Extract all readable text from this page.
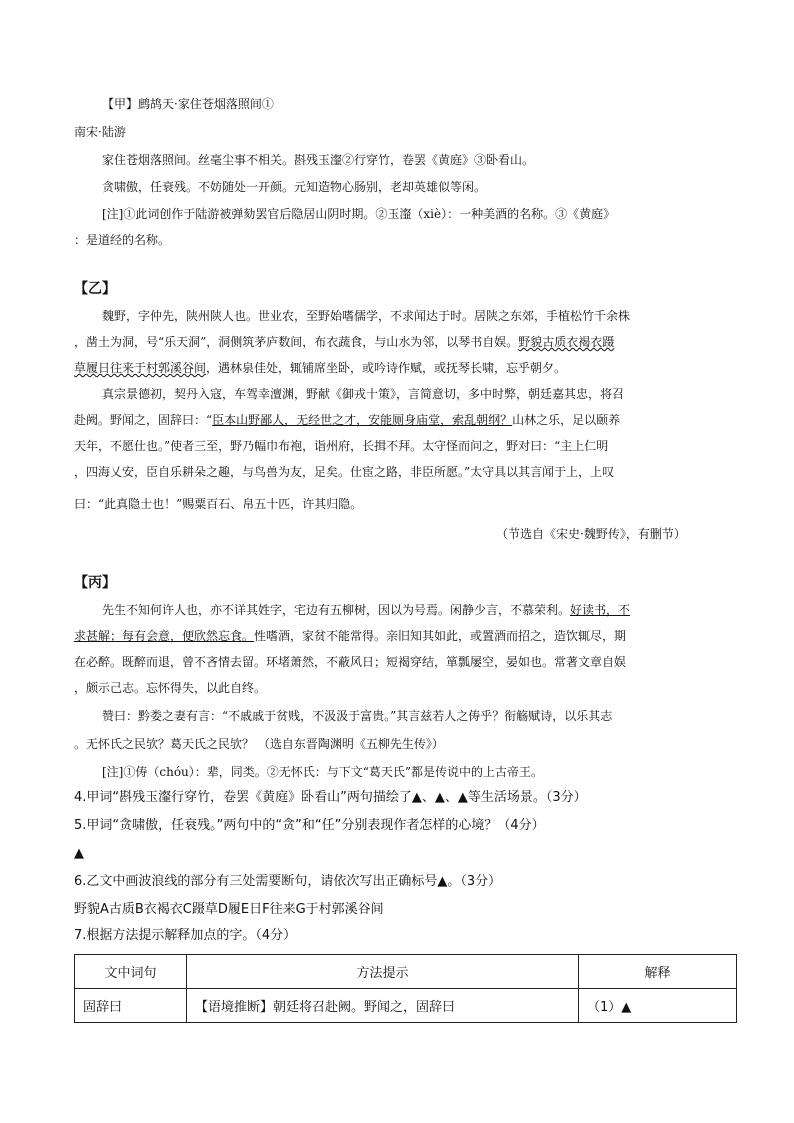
【甲】鹧鸪天·家住苍烟落照间①
南宋·陆游
家住苍烟落照间。丝毫尘事不相关。斟残玉瀣②行穿竹，卷罢《黄庭》③卧看山。
贪啸傲，任衰残。不妨随处一开颜。元知造物心肠别，老却英雄似等闲。
[注]①此词创作于陆游被弹劾罢官后隐居山阴时期。②玉瀣（xiè）：一种美酒的名称。③《黄庭》
：是道经的名称。
【乙】
魏野，字仲先，陕州陕人也。世业农，至野始嗜儒学，不求闻达于时。居陕之东郊，手植松竹千余株
，凿土为洞，号“乐天洞”，洞侧筑茅庐数间，布衣蔬食，与山水为邻，以琴书自娱。野貌古质衣褐衣蹑
草履日往来于村郭溪谷间，遇林泉佳处，辄铺席坐卧，或吟诗作赋，或抚琴长啸，忘乎朝夕。
真宗景德初，契丹入寇，车驾幸澶渊，野献《御戎十策》，言简意切，多中时弊，朝廷嘉其忠，将召
赴阙。野闻之，固辞曰：“臣本山野鄙人，无经世之才，安能厕身庙堂，索乱朝纲？山林之乐，足以颐养
天年，不愿仕也。”使者三至，野乃幅巾布袍，诣州府，长揖不拜。太守怪而问之，野对曰：“主上仁明
，四海乂安，臣自乐耕朵之趣，与鸟兽为友，足矣。仕宦之路，非臣所愿。”太守具以其言闻于上，上叹
曰：“此真隐士也！”赐粟百石、帛五十匹，许其归隐。
（节选自《宋史·魏野传》，有删节）
【丙】
先生不知何许人也，亦不详其姓字，宅边有五柳树，因以为号焉。闲静少言，不慕荣利。好读书，不
求甚解；每有会意，便欣然忘食。性嗜酒，家贫不能常得。亲旧知其如此，或置酒而招之，造饮辄尽，期
在必醉。既醉而退，曾不吝情去留。环堵萧然，不蔽风日；短褐穿结，箪瓢屡空，晏如也。常著文章自娱
，颇示己志。忘怀得失，以此自终。
赞曰：黔娄之妻有言：“不戚戚于贫贱，不汲汲于富贵。”其言兹若人之俦乎？衔觞赋诗，以乐其志
。无怀氏之民欤？葛天氏之民欤？ （选自东晋陶渊明《五柳先生传》）
[注]①俦（chóu）：辈，同类。②无怀氏：与下文“葛天氏”都是传说中的上古帝王。
4.甲词“斟残玉瀣行穿竹，卷罢《黄庭》卧看山”两句描绘了▲、▲、▲等生活场景。（3分）
5.甲词“贪啸傲，任衰残。”两句中的“贪”和“任”分别表现作者怎样的心境？（4分）
▲
6.乙文中画波浪线的部分有三处需要断句，请依次写出正确标号▲。（3分）
野貌A古质B衣褐衣C蹑草D履E日F往来G于村郭溪谷间
7.根据方法提示解释加点的字。（4分）
文中词句	方法提示	解释
固辞曰	【语境推断】朝廷将召赴阙。野闻之，固辞曰	（1）▲
